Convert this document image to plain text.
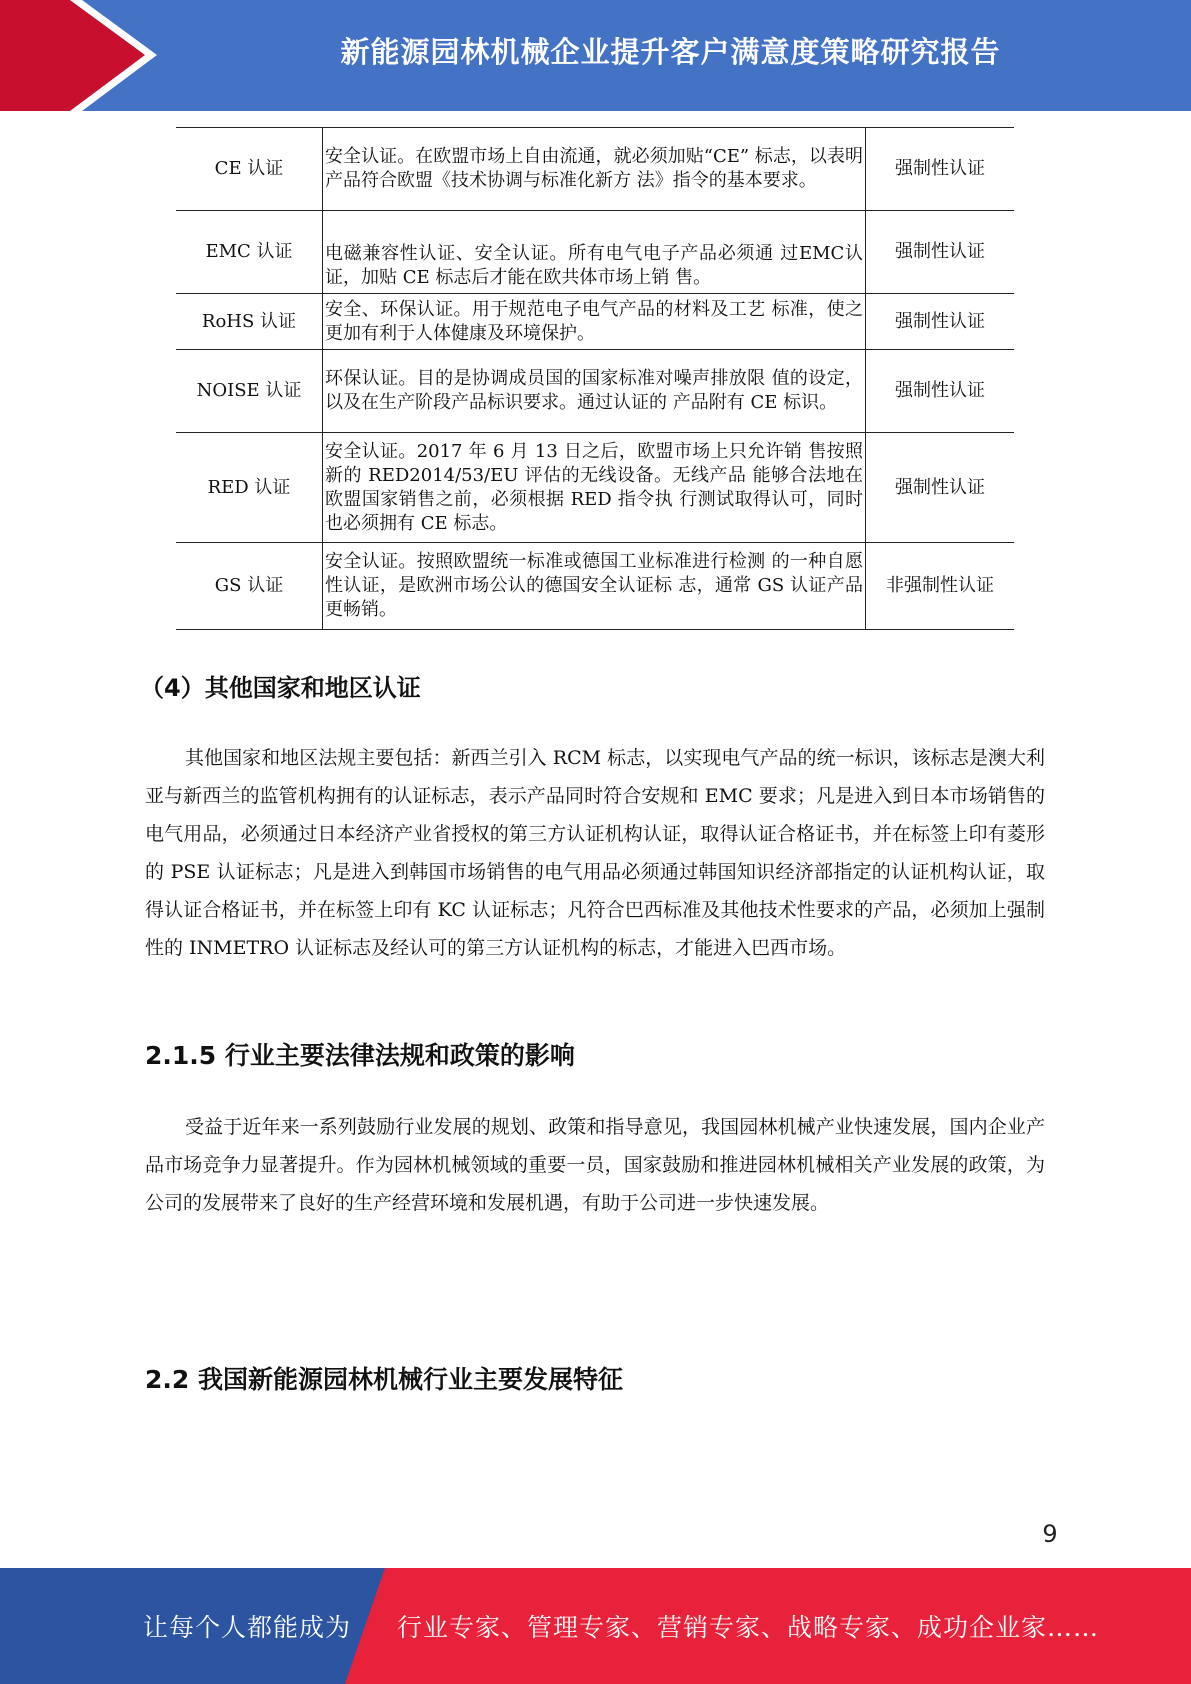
新能源园林机械企业提升客户满意度策略研究报告
CE 认证	安全认证。在欧盟市场上自由流通，就必须加贴“CE” 标志，以表明产品符合欧盟《技术协调与标准化新方 法》指令的基本要求。	强制性认证
EMC 认证	电磁兼容性认证、安全认证。所有电气电子产品必须通 过EMC认证，加贴 CE 标志后才能在欧共体市场上销 售。	强制性认证
RoHS 认证	安全、环保认证。用于规范电子电气产品的材料及工艺 标准，使之更加有利于人体健康及环境保护。	强制性认证
NOISE 认证	环保认证。目的是协调成员国的国家标准对噪声排放限 值的设定，以及在生产阶段产品标识要求。通过认证的 产品附有 CE 标识。	强制性认证
RED 认证	安全认证。2017 年 6 月 13 日之后，欧盟市场上只允许销 售按照新的 RED2014/53/EU 评估的无线设备。无线产品 能够合法地在欧盟国家销售之前，必须根据 RED 指令执 行测试取得认可，同时也必须拥有 CE 标志。	强制性认证
GS 认证	安全认证。按照欧盟统一标准或德国工业标准进行检测 的一种自愿性认证，是欧洲市场公认的德国安全认证标 志，通常 GS 认证产品更畅销。	非强制性认证
（4）其他国家和地区认证

其他国家和地区法规主要包括：新西兰引入 RCM 标志，以实现电气产品的统一标识，该标志是澳大利亚与新西兰的监管机构拥有的认证标志，表示产品同时符合安规和 EMC 要求；凡是进入到日本市场销售的电气用品，必须通过日本经济产业省授权的第三方认证机构认证，取得认证合格证书，并在标签上印有菱形的 PSE 认证标志；凡是进入到韩国市场销售的电气用品必须通过韩国知识经济部指定的认证机构认证，取得认证合格证书，并在标签上印有 KC 认证标志；凡符合巴西标准及其他技术性要求的产品，必须加上强制性的 INMETRO 认证标志及经认可的第三方认证机构的标志，才能进入巴西市场。

2.1.5 行业主要法律法规和政策的影响

受益于近年来一系列鼓励行业发展的规划、政策和指导意见，我国园林机械产业快速发展，国内企业产品市场竞争力显著提升。作为园林机械领域的重要一员，国家鼓励和推进园林机械相关产业发展的政策，为公司的发展带来了良好的生产经营环境和发展机遇，有助于公司进一步快速发展。

2.2 我国新能源园林机械行业主要发展特征
9
让每个人都能成为 行业专家、管理专家、营销专家、战略专家、成功企业家……
